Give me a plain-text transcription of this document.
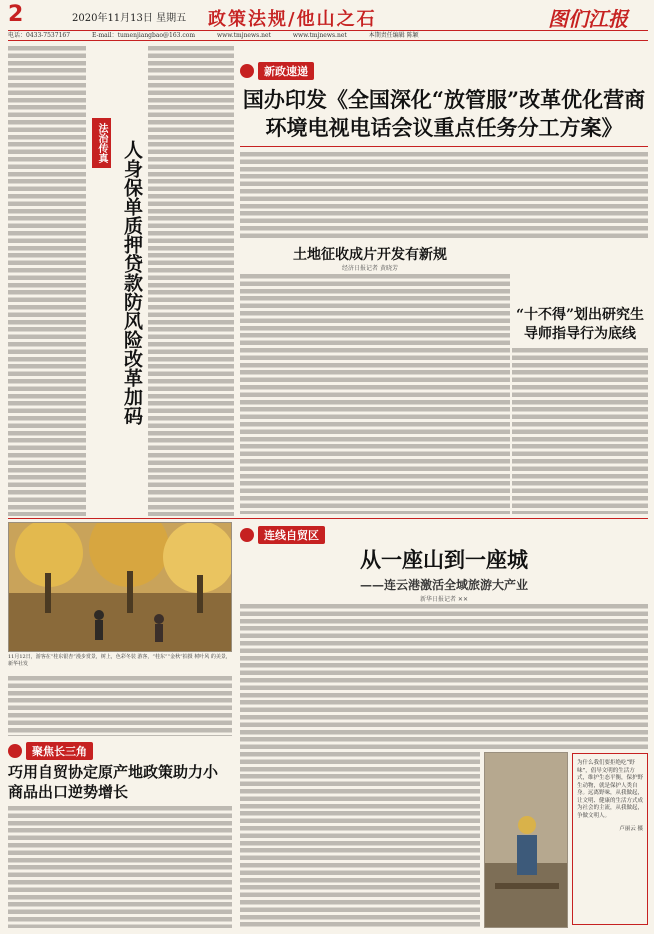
2	2020年11月13日 星期五 政策法规/他山之石	图们江报
电话：0433-7537167	E-mail：tumenjiangbao@163.com	www.tmjnews.net	www.tmjnews.net	本期责任编辑 陈颖
法治传真 人身保单质押贷款防风险改革加码
新政速递
国办印发《全国深化“放管服”改革优化营商环境电视电话会议重点任务分工方案》
土地征收成片开发有新规
经济日报记者 黄晓芳
“十不得”划出研究生导师指导行为底线
11月12日，游客在“桂东银杏”漫步赏景，树上，色彩冬装 游客，“桂东”“金秋”拍摄 树叶风 的美景，新华社发
聚焦长三角
巧用自贸协定原产地政策助力小商品出口逆势增长
连线自贸区
从一座山到一座城
——连云港激活全域旅游大产业
新华日报记者 ✕✕
为什么我们要拒绝吃“野味”，倡导文明的生活方式，维护生态平衡，保护野生动物，就是保护人类自身。远离野味，从我做起，让文明、健康的生活方式成为社会的主流，从我做起，争做文明人。
卢丽云 摄
